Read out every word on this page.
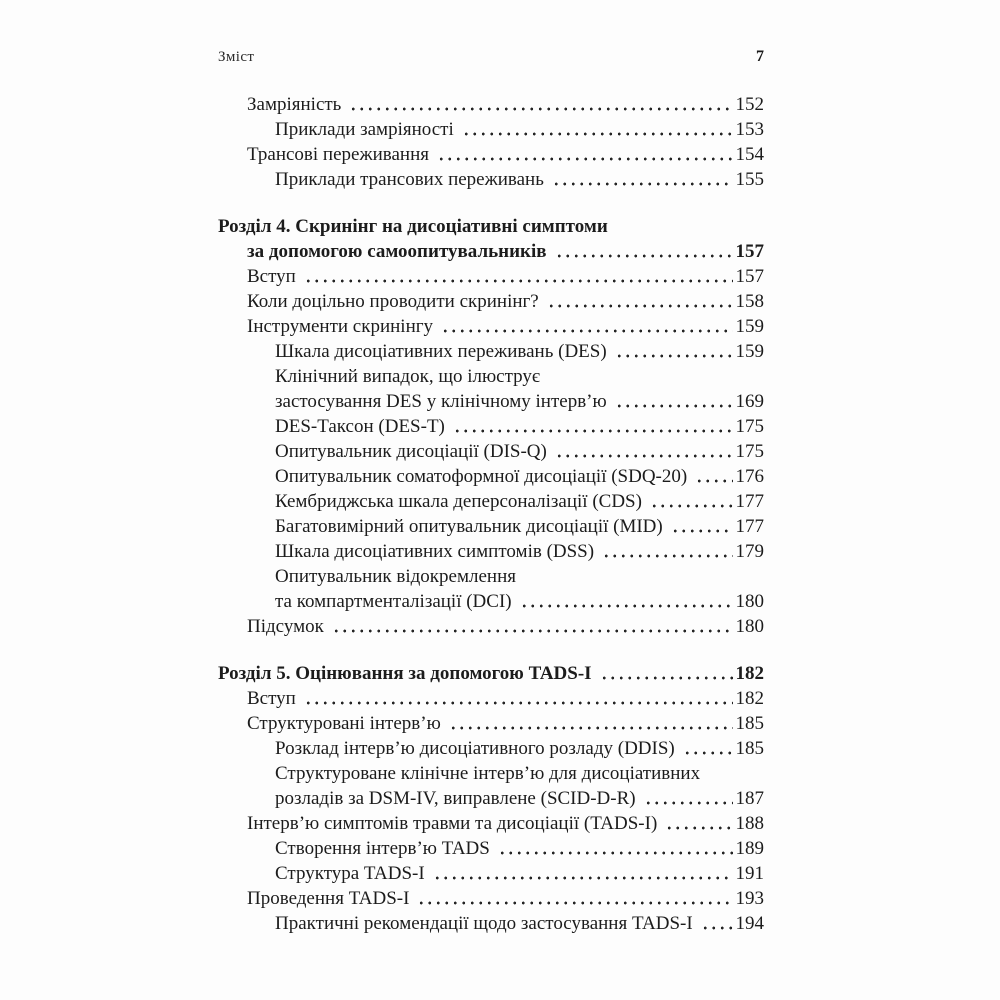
Зміст	7
Замріяність	152
Приклади замріяності	153
Трансові переживання	154
Приклади трансових переживань	155
Розділ 4. Скринінг на дисоціативні симптоми
за допомогою самоопитувальників	157
Вступ	157
Коли доцільно проводити скринінг?	158
Інструменти скринінгу	159
Шкала дисоціативних переживань (DES)	159
Клінічний випадок, що ілюструє
застосування DES у клінічному інтерв’ю	169
DES-Таксон (DES-T)	175
Опитувальник дисоціації (DIS-Q)	175
Опитувальник соматоформної дисоціації (SDQ-20)	176
Кембриджська шкала деперсоналізації (CDS)	177
Багатовимірний опитувальник дисоціації (MID)	177
Шкала дисоціативних симптомів (DSS)	179
Опитувальник відокремлення
та компартменталізації (DCI)	180
Підсумок	180
Розділ 5. Оцінювання за допомогою TADS-I	182
Вступ	182
Структуровані інтерв’ю	185
Розклад інтерв’ю дисоціативного розладу (DDIS)	185
Структуроване клінічне інтерв’ю для дисоціативних
розладів за DSM-IV, виправлене (SCID-D-R)	187
Інтерв’ю симптомів травми та дисоціації (TADS-I)	188
Створення інтерв’ю TADS	189
Структура TADS-I	191
Проведення TADS-I	193
Практичні рекомендації щодо застосування TADS-I 194
